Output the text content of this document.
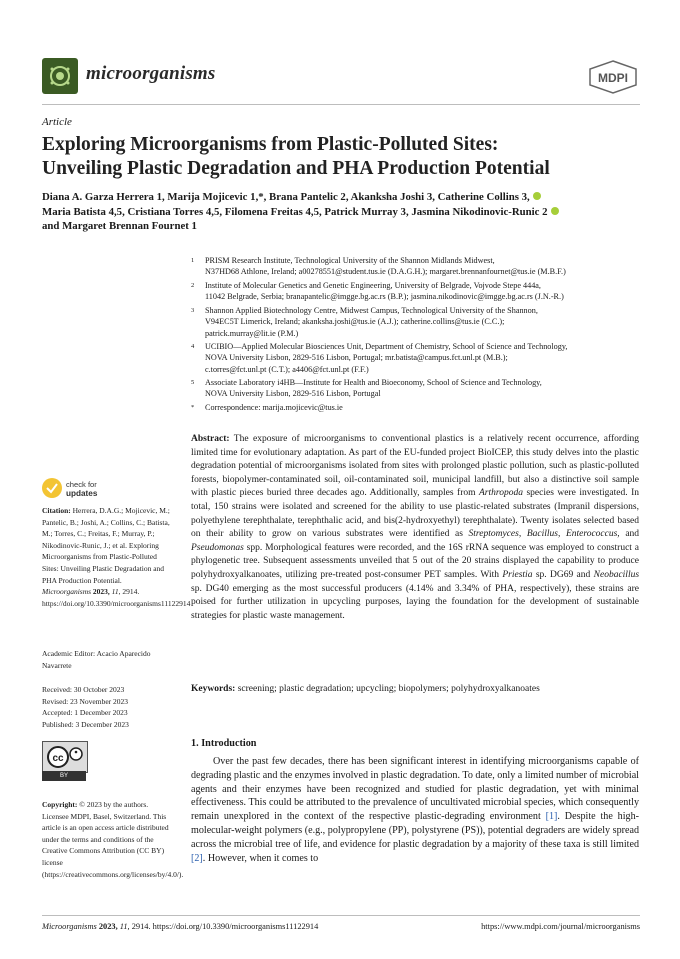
microorganisms	MDPI
Article
Exploring Microorganisms from Plastic-Polluted Sites:
Unveiling Plastic Degradation and PHA Production Potential
Diana A. Garza Herrera 1, Marija Mojicevic 1,*, Brana Pantelic 2, Akanksha Joshi 3, Catherine Collins 3,
Maria Batista 4,5, Cristiana Torres 4,5, Filomena Freitas 4,5, Patrick Murray 3, Jasmina Nikodinovic-Runic 2
and Margaret Brennan Fournet 1
1 PRISM Research Institute, Technological University of the Shannon Midlands Midwest,
N37HD68 Athlone, Ireland; a00278551@student.tus.ie (D.A.G.H.); margaret.brennanfournet@tus.ie (M.B.F.)
2 Institute of Molecular Genetics and Genetic Engineering, University of Belgrade, Vojvode Stepe 444a,
11042 Belgrade, Serbia; branapantelic@imgge.bg.ac.rs (B.P.); jasmina.nikodinovic@imgge.bg.ac.rs (J.N.-R.)
3 Shannon Applied Biotechnology Centre, Midwest Campus, Technological University of the Shannon,
V94EC5T Limerick, Ireland; akanksha.joshi@tus.ie (A.J.); catherine.collins@tus.ie (C.C.);
patrick.murray@lit.ie (P.M.)
4 UCIBIO—Applied Molecular Biosciences Unit, Department of Chemistry, School of Science and Technology,
NOVA University Lisbon, 2829-516 Lisbon, Portugal; mr.batista@campus.fct.unl.pt (M.B.);
c.torres@fct.unl.pt (C.T.); a4406@fct.unl.pt (F.F.)
5 Associate Laboratory i4HB—Institute for Health and Bioeconomy, School of Science and Technology,
NOVA University Lisbon, 2829-516 Lisbon, Portugal
* Correspondence: marija.mojicevic@tus.ie
Abstract: The exposure of microorganisms to conventional plastics is a relatively recent occurrence, affording limited time for evolutionary adaptation. As part of the EU-funded project BioICEP, this study delves into the plastic degradation potential of microorganisms isolated from sites with prolonged plastic pollution, such as plastic-polluted forests, biopolymer-contaminated soil, oil-contaminated soil, municipal landfill, but also a distinctive soil sample with plastic pieces buried three decades ago. Additionally, samples from Arthropoda species were investigated. In total, 150 strains were isolated and screened for the ability to use plastic-related substrates (Impranil dispersions, polyethylene terephthalate, terephthalic acid, and bis(2-hydroxyethyl) terephthalate). Twenty isolates selected based on their ability to grow on various substrates were identified as Streptomyces, Bacillus, Enterococcus, and Pseudomonas spp. Morphological features were recorded, and the 16S rRNA sequence was employed to construct a phylogenetic tree. Subsequent assessments unveiled that 5 out of the 20 strains displayed the capability to produce polyhydroxyalkanoates, utilizing pre-treated post-consumer PET samples. With Priestia sp. DG69 and Neobacillus sp. DG40 emerging as the most successful producers (4.14% and 3.34% of PHA, respectively), these strains are poised for further utilization in upcycling purposes, laying the foundation for the development of sustainable strategies for plastic waste management.
Keywords: screening; plastic degradation; upcycling; biopolymers; polyhydroxyalkanoates
1. Introduction

Over the past few decades, there has been significant interest in identifying microorganisms capable of degrading plastic and the enzymes involved in plastic degradation. To date, only a limited number of microbial agents and their enzymes have been recognized and studied for plastic degradation, yet with minimal effectiveness. This could be attributed to the prevalence of uncultivated microbial species, which consequently remain unexplored in the context of the respective plastic-degrading environment [1]. Despite the high-molecular-weight polymers (e.g., polypropylene (PP), polystyrene (PS)), potential degraders are widely spread across the microbial tree of life, and evidence for plastic degradation by a majority of these taxa is still limited [2]. However, when it comes to

check for
updates
Citation: Herrera, D.A.G.; Mojicevic, M.; Pantelic, B.; Joshi, A.; Collins, C.; Batista, M.; Torres, C.; Freitas, F.; Murray, P.; Nikodinovic-Runic, J.; et al. Exploring Microorganisms from Plastic-Polluted Sites: Unveiling Plastic Degradation and PHA Production Potential. Microorganisms 2023, 11, 2914. https://doi.org/10.3390/microorganisms11122914
Academic Editor: Acacio Aparecido Navarrete
Received: 30 October 2023
Revised: 23 November 2023
Accepted: 1 December 2023
Published: 3 December 2023
cc
BY
Copyright: © 2023 by the authors. Licensee MDPI, Basel, Switzerland. This article is an open access article distributed under the terms and conditions of the Creative Commons Attribution (CC BY) license (https://creativecommons.org/licenses/by/4.0/).
Microorganisms 2023, 11, 2914. https://doi.org/10.3390/microorganisms11122914	https://www.mdpi.com/journal/microorganisms
